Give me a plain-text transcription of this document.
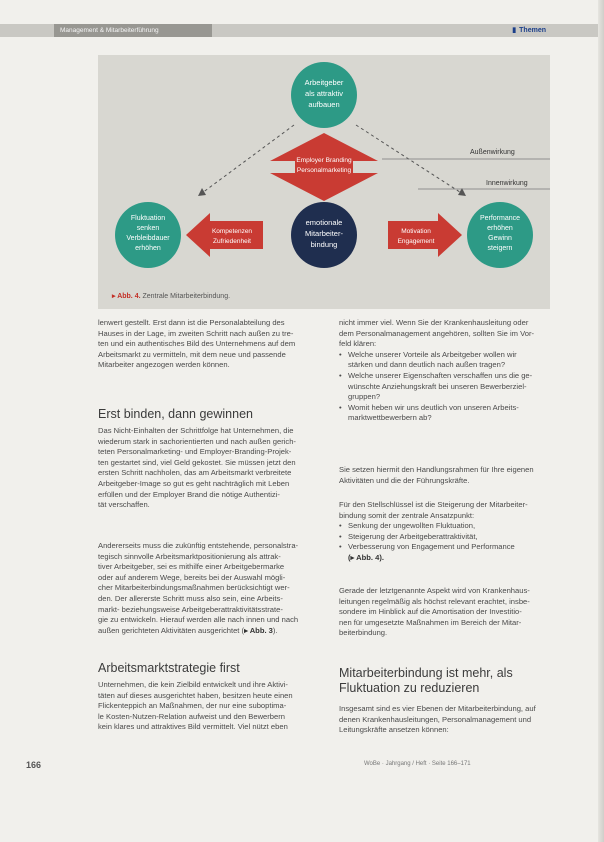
Management & Mitarbeiterführung	▮ Themen
Arbeitgeber
als attraktiv
aufbauen
Employer Branding
Personalmarketing
Außenwirkung
Innenwirkung
Fluktuation
senken
Verbleibdauer
erhöhen
Kompetenzen
Zufriedenheit
emotionale
Mitarbeiter-
bindung
Motivation
Engagement
Performance
erhöhen
Gewinn
steigern
▸ Abb. 4. Zentrale Mitarbeiterbindung.

lenwert gestellt. Erst dann ist die Personalabteilung des

Hauses in der Lage, im zweiten Schritt nach außen zu tre-

ten und ein authentisches Bild des Unternehmens auf dem

Arbeitsmarkt zu vermitteln, mit dem neue und passende

Mitarbeiter angezogen werden können.

Erst binden, dann gewinnen

Das Nicht-Einhalten der Schrittfolge hat Unternehmen, die

wiederum stark in sachorientierten und nach außen gerich-

teten Personalmarketing- und Employer-Branding-Projek-

ten gestartet sind, viel Geld gekostet. Sie müssen jetzt den

ersten Schritt nachholen, das am Arbeitsmarkt verbreitete

Arbeitgeber-Image so gut es geht nachträglich mit Leben

erfüllen und der Employer Brand die nötige Authentizi-

tät verschaffen.

Andererseits muss die zukünftig entstehende, personalstra-

tegisch sinnvolle Arbeitsmarktpositionierung als attrak-

tiver Arbeitgeber, sei es mithilfe einer Arbeitgebermarke

oder auf anderem Wege, bereits bei der Auswahl mögli-

cher Mitarbeiterbindungsmaßnahmen berücksichtigt wer-

den. Der allererste Schritt muss also sein, eine Arbeits-

markt- beziehungsweise Arbeitgeberattraktivitätsstrate-

gie zu entwickeln. Hierauf werden alle nach innen und nach

außen gerichteten Aktivitäten ausgerichtet (▸ Abb. 3).

Arbeitsmarktstrategie first

Unternehmen, die kein Zielbild entwickelt und ihre Aktivi-

täten auf dieses ausgerichtet haben, besitzen heute einen

Flickenteppich an Maßnahmen, der nur eine suboptima-

le Kosten-Nutzen-Relation aufweist und den Bewerbern

kein klares und attraktives Bild vermittelt. Viel nützt eben

nicht immer viel. Wenn Sie der Krankenhausleitung oder

dem Personalmanagement angehören, sollten Sie im Vor-

feld klären:

• Welche unserer Vorteile als Arbeitgeber wollen wir
stärken und dann deutlich nach außen tragen?
• Welche unserer Eigenschaften verschaffen uns die ge-
wünschte Anziehungskraft bei unseren Bewerberziel-
gruppen?
• Womit heben wir uns deutlich von unseren Arbeits-
marktwettbewerbern ab?

Sie setzen hiermit den Handlungsrahmen für Ihre eigenen

Aktivitäten und die der Führungskräfte.

Für den Stellschlüssel ist die Steigerung der Mitarbeiter-

bindung somit der zentrale Ansatzpunkt:

• Senkung der ungewollten Fluktuation,
• Steigerung der Arbeitgeberattraktivität,
• Verbesserung von Engagement und Performance
(▸ Abb. 4).

Gerade der letztgenannte Aspekt wird von Krankenhaus-

leitungen regelmäßig als höchst relevant erachtet, insbe-

sondere im Hinblick auf die Amortisation der Investitio-

nen für umgesetzte Maßnahmen im Bereich der Mitar-

beiterbindung.

Mitarbeiterbindung ist mehr, als
Fluktuation zu reduzieren

Insgesamt sind es vier Ebenen der Mitarbeiterbindung, auf

denen Krankenhausleitungen, Personalmanagement und

Leitungskräfte ansetzen können:

166	WoBe · Jahrgang / Heft · Seite 166–171
